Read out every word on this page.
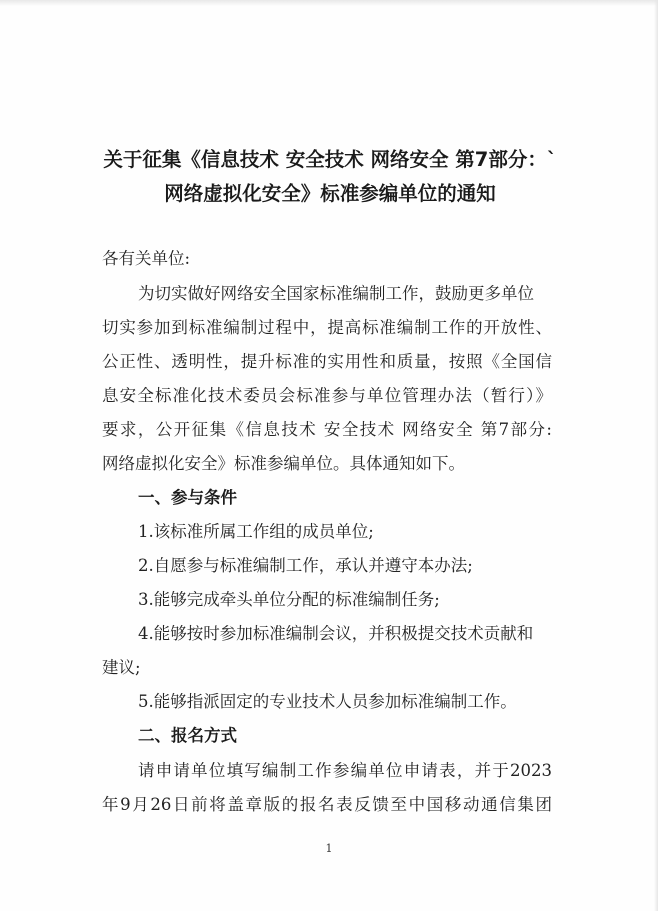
关于征集《信息技术 安全技术 网络安全 第7部分：`
网络虚拟化安全》标准参编单位的通知
各有关单位:
为切实做好网络安全国家标准编制工作，鼓励更多单位
切实参加到标准编制过程中，提高标准编制工作的开放性、
公正性、透明性，提升标准的实用性和质量，按照《全国信
息安全标准化技术委员会标准参与单位管理办法（暂行）》
要求，公开征集《信息技术 安全技术 网络安全 第7部分:
网络虚拟化安全》标准参编单位。具体通知如下。
一、参与条件
1.该标准所属工作组的成员单位;
2.自愿参与标准编制工作，承认并遵守本办法;
3.能够完成牵头单位分配的标准编制任务;
4.能够按时参加标准编制会议，并积极提交技术贡献和
建议;
5.能够指派固定的专业技术人员参加标准编制工作。
二、报名方式
请申请单位填写编制工作参编单位申请表，并于2023
年9月26日前将盖章版的报名表反馈至中国移动通信集团
1
